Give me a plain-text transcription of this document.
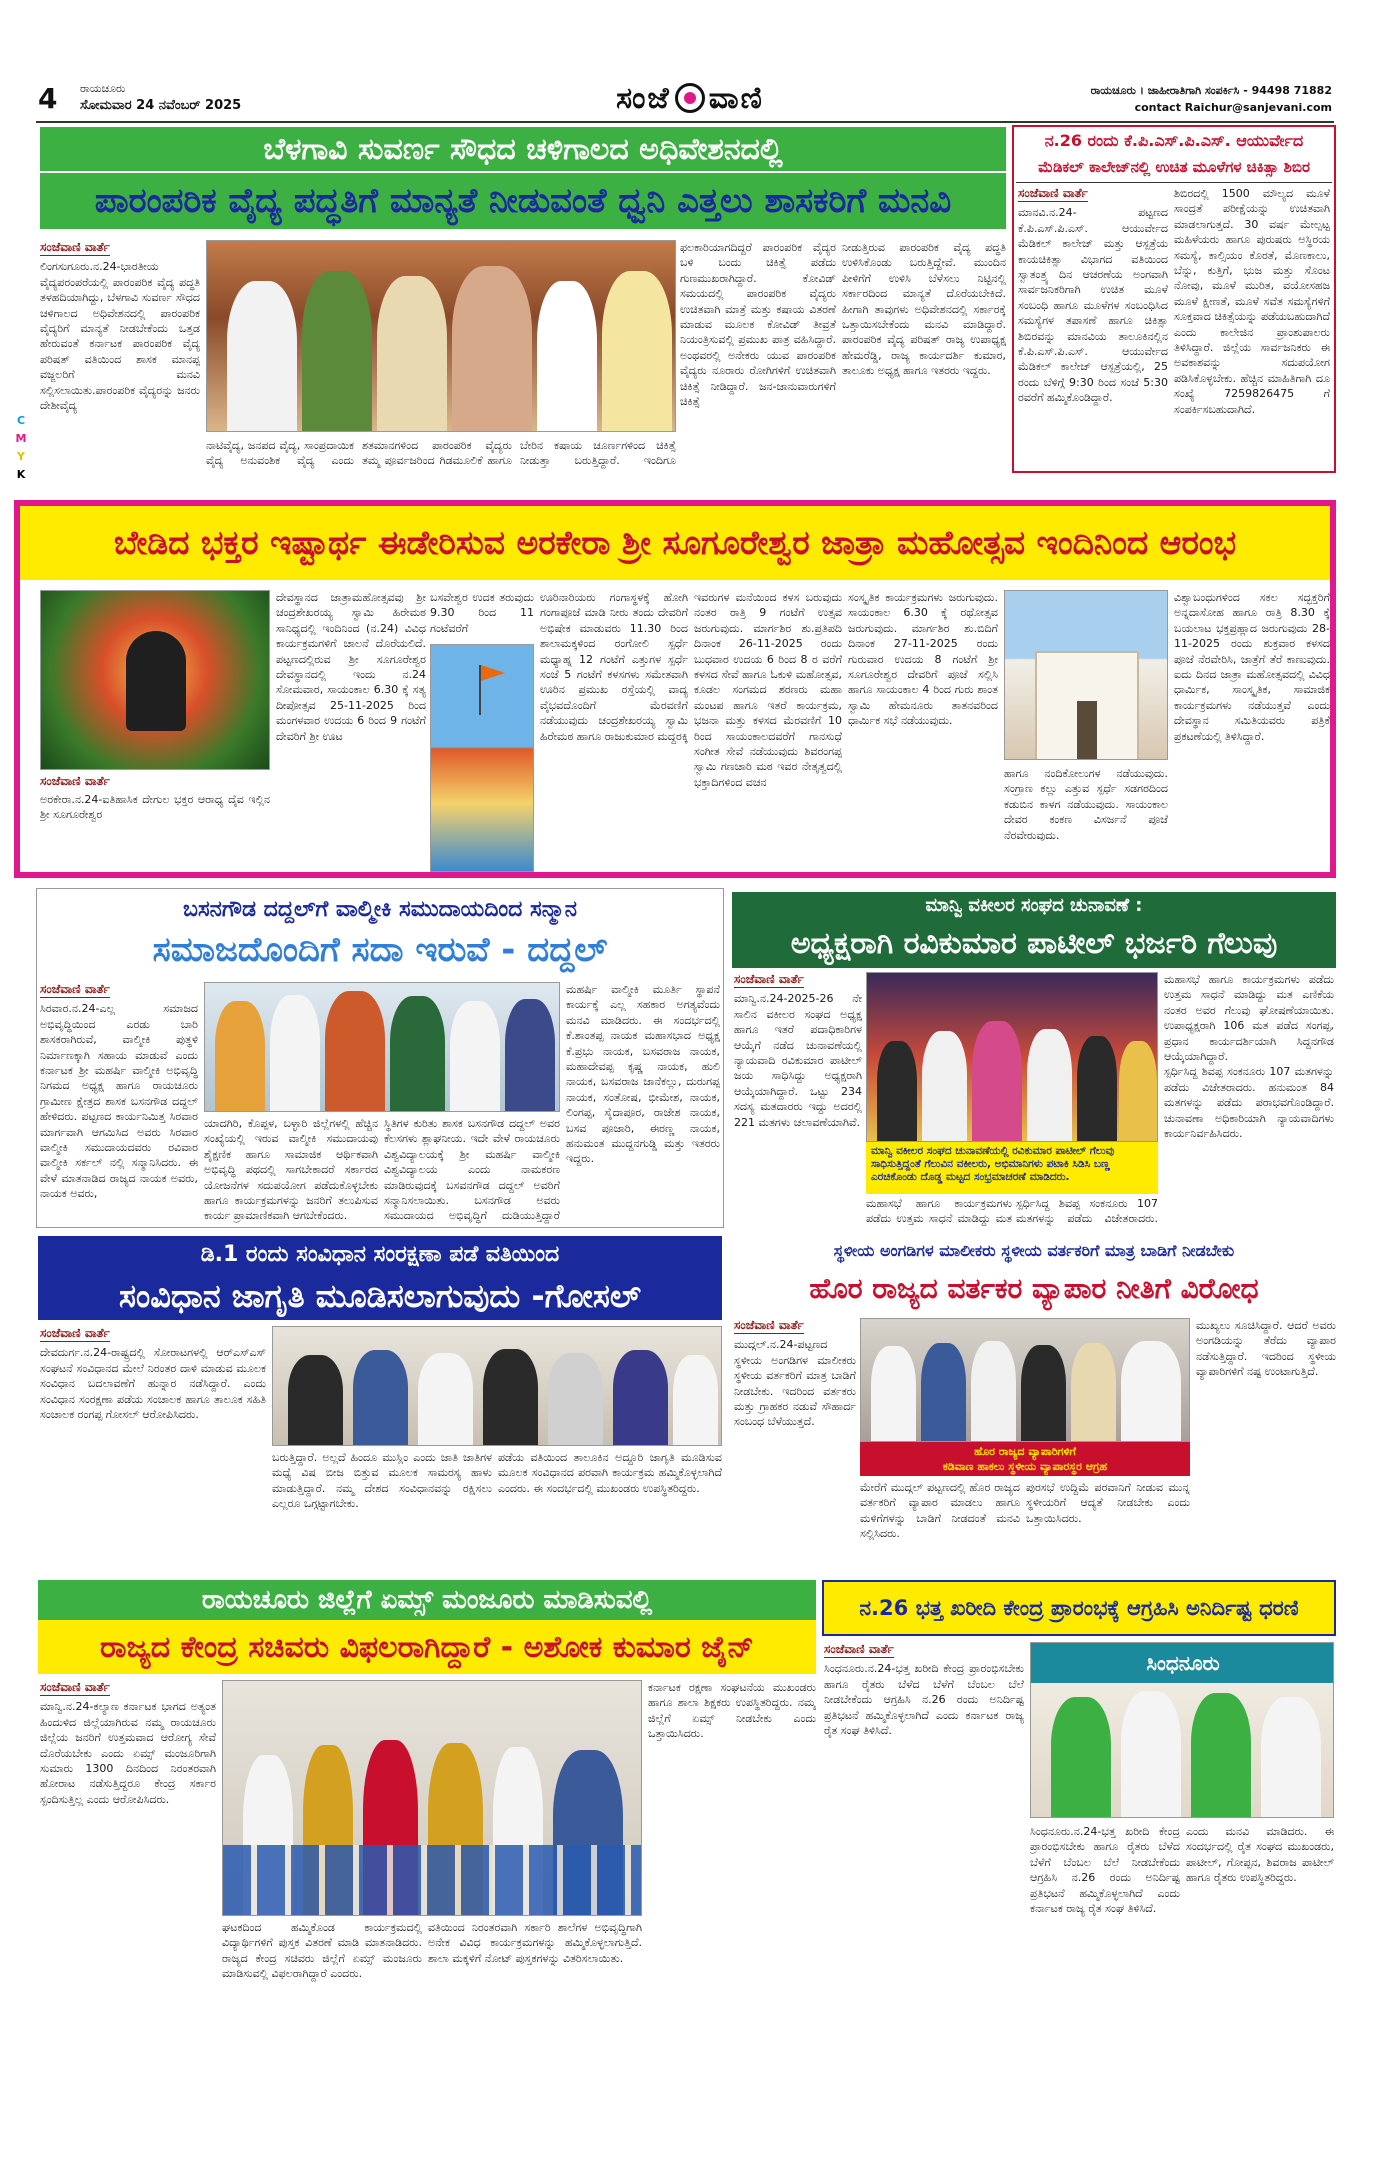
4 ರಾಯಚೂರು
ಸೋಮವಾರ 24 ನವೆಂಬರ್ 2025	ಸಂಜೆ ವಾಣಿ	ರಾಯಚೂರು । ಜಾಹೀರಾತಿಗಾಗಿ ಸಂಪರ್ಕಿಸಿ - 94498 71882
contact Raichur@sanjevani.com
C
M
Y
K
ಬೆಳಗಾವಿ ಸುವರ್ಣ ಸೌಧದ ಚಳಿಗಾಲದ ಅಧಿವೇಶನದಲ್ಲಿ
ಪಾರಂಪರಿಕ ವೈದ್ಯ ಪದ್ಧತಿಗೆ ಮಾನ್ಯತೆ ನೀಡುವಂತೆ ಧ್ವನಿ ಎತ್ತಲು ಶಾಸಕರಿಗೆ ಮನವಿ
ಸಂಜೆವಾಣಿ ವಾರ್ತೆ

ಲಿಂಗಸುಗೂರು.ನ.24-ಭಾರತೀಯ ವೈದ್ಯಪರಂಪರೆಯಲ್ಲಿ ಪಾರಂಪರಿಕ ವೈದ್ಯ ಪದ್ಧತಿ ತಳಹದಿಯಾಗಿದ್ದು, ಬೆಳಗಾವಿ ಸುವರ್ಣ ಸೌಧದ ಚಳಿಗಾಲದ ಅಧಿವೇಶನದಲ್ಲಿ ಪಾರಂಪರಿಕ ವೈದ್ಯರಿಗೆ ಮಾನ್ಯತೆ ನೀಡಬೇಕೆಂದು ಒತ್ತಡ ಹೇರುವಂತೆ ಕರ್ನಾಟಕ ಪಾರಂಪರಿಕ ವೈದ್ಯ ಪರಿಷತ್ ವತಿಯಿಂದ ಶಾಸಕ ಮಾನಪ್ಪ ವಜ್ಜಲರಿಗೆ ಮನವಿ ಸಲ್ಲಿಸಲಾಯಿತು.ಪಾರಂಪರಿಕ ವೈದ್ಯರನ್ನು ಜನರು ದೇಶೀವೈದ್ಯ

ನಾಟಿವೈದ್ಯ, ಜನಪದ ವೈದ್ಯ, ಸಾಂಪ್ರದಾಯಿಕ ವೈದ್ಯ ಅನುವಂಶಿಕ ವೈದ್ಯ ಎಂದು

ಶತಮಾನಗಳಿಂದ ಪಾರಂಪರಿಕ ವೈದ್ಯರು ತಮ್ಮ ಪೂರ್ವಜರಿಂದ ಗಿಡಮೂಲಿಕೆ ಹಾಗೂ

ಬೇರಿನ ಕಷಾಯ ಚೂರ್ಣಗಳಿಂದ ಚಿಕಿತ್ಸೆ ನೀಡುತ್ತಾ ಬರುತ್ತಿದ್ದಾರೆ. ಇಂದಿಗೂ

ಫಲಕಾರಿಯಾಗದಿದ್ದರೆ ಪಾರಂಪರಿಕ ವೈದ್ಯರ ಬಳಿ ಬಂದು ಚಿಕಿತ್ಸೆ ಪಡೆದು ಗುಣಮುಖರಾಗಿದ್ದಾರೆ. ಕೋವಿಡ್ ಸಮಯದಲ್ಲಿ ಪಾರಂಪರಿಕ ವೈದ್ಯರು ಉಚಿತವಾಗಿ ಮಾತ್ರೆ ಮತ್ತು ಕಷಾಯ ವಿತರಣೆ ಮಾಡುವ ಮೂಲಕ ಕೋವಿಡ್ ತೀವ್ರತೆ ನಿಯಂತ್ರಿಸುವಲ್ಲಿ ಪ್ರಮುಖ ಪಾತ್ರ ವಹಿಸಿದ್ದಾರೆ. ಅಂಥವರಲ್ಲಿ ಅನೇಕರು ಯುವ ಪಾರಂಪರಿಕ ವೈದ್ಯರು ನೂರಾರು ರೋಗಿಗಳಿಗೆ ಉಚಿತವಾಗಿ ಚಿಕಿತ್ಸೆ ನೀಡಿದ್ದಾರೆ. ಜನ-ಜಾನುವಾರುಗಳಿಗೆ ಚಿಕಿತ್ಸೆ

ನೀಡುತ್ತಿರುವ ಪಾರಂಪರಿಕ ವೈದ್ಯ ಪದ್ಧತಿ ಉಳಿಸಿಕೊಂಡು ಬರುತ್ತಿದ್ದೇವೆ. ಮುಂದಿನ ಪೀಳಿಗೆಗೆ ಉಳಿಸಿ ಬೆಳೆಸಲು ನಿಟ್ಟಿನಲ್ಲಿ ಸರ್ಕಾರದಿಂದ ಮಾನ್ಯತೆ ದೊರೆಯಬೇಕಿದೆ. ಹೀಗಾಗಿ ತಾವುಗಳು ಅಧಿವೇಶನದಲ್ಲಿ ಸರ್ಕಾರಕ್ಕೆ ಒತ್ತಾಯಿಸಬೇಕೆಂದು ಮನವಿ ಮಾಡಿದ್ದಾರೆ. ಪಾರಂಪರಿಕ ವೈದ್ಯ ಪರಿಷತ್ ರಾಜ್ಯ ಉಪಾಧ್ಯಕ್ಷ ಹೇಮರೆಡ್ಡಿ, ರಾಜ್ಯ ಕಾರ್ಯದರ್ಶಿ ಕುಮಾರ, ತಾಲೂಕು ಅಧ್ಯಕ್ಷ ಹಾಗೂ ಇತರರು ಇದ್ದರು.

ನ.26 ರಂದು ಕೆ.ಪಿ.ಎಸ್.ಪಿ.ಎಸ್. ಆಯುರ್ವೇದ
ಮೆಡಿಕಲ್ ಕಾಲೇಜ್‌ನಲ್ಲಿ ಉಚಿತ ಮೂಳೆಗಳ ಚಿಕಿತ್ಸಾ ಶಿಬಿರ
ಸಂಜೆವಾಣಿ ವಾರ್ತೆ

ಮಾನವಿ.ನ.24- ಪಟ್ಟಣದ ಕೆ.ಪಿ.ಎಸ್.ಪಿ.ಎಸ್. ಆಯುರ್ವೇದ ಮೆಡಿಕಲ್ ಕಾಲೇಜ್ ಮತ್ತು ಆಸ್ಪತ್ರೆಯ ಕಾಯಚಿಕಿತ್ಸಾ ವಿಭಾಗದ ವತಿಯಿಂದ ಸ್ವಾತಂತ್ರ್ಯ ದಿನ ಆಚರಣೆಯ ಅಂಗವಾಗಿ ಸಾರ್ವಜನಿಕರಿಗಾಗಿ ಉಚಿತ ಮೂಳೆ ಸಂಬಂಧಿ ಹಾಗೂ ಮೂಳೆಗಳ ಸಂಬಂಧಿಸಿದ ಸಮಸ್ಯೆಗಳ ತಪಾಸಣೆ ಹಾಗೂ ಚಿಕಿತ್ಸಾ ಶಿಬಿರವನ್ನು ಮಾನವಿಯ ತಾಲೂಕಿನಲ್ಲಿನ ಕೆ.ಪಿ.ಎಸ್.ಪಿ.ಎಸ್. ಆಯುರ್ವೇದ ಮೆಡಿಕಲ್ ಕಾಲೇಜ್ ಆಸ್ಪತ್ರೆಯಲ್ಲಿ, 25 ರಂದು ಬೆಳಿಗ್ಗೆ 9:30 ರಿಂದ ಸಂಜೆ 5:30 ರವರೆಗೆ ಹಮ್ಮಿಕೊಂಡಿದ್ದಾರೆ.

ಶಿಬಿರದಲ್ಲಿ 1500 ಮೌಲ್ಯದ ಮೂಳೆ ಸಾಂದ್ರತೆ ಪರೀಕ್ಷೆಯನ್ನು ಉಚಿತವಾಗಿ ಮಾಡಲಾಗುತ್ತದೆ. 30 ವರ್ಷ ಮೇಲ್ಪಟ್ಟ ಮಹಿಳೆಯರು ಹಾಗೂ ಪುರುಷರು ಅಸ್ಥಿರಯ ಸಮಸ್ಯೆ, ಕಾಲ್ಸಿಯಂ ಕೊರತೆ, ಮೊಣಕಾಲು, ಬೆನ್ನು, ಕುತ್ತಿಗೆ, ಭುಜ ಮತ್ತು ಸೊಂಟ ನೋವು, ಮೂಳೆ ಮುರಿತ, ವಯೋಸಹಜ ಮೂಳೆ ಕ್ಷೀಣತೆ, ಮೂಳೆ ಸವೆತ ಸಮಸ್ಯೆಗಳಿಗೆ ಸೂಕ್ತವಾದ ಚಿಕಿತ್ಸೆಯನ್ನು ಪಡೆಯಬಹುದಾಗಿದೆ ಎಂದು ಕಾಲೇಜಿನ ಪ್ರಾಂಶುಪಾಲರು ತಿಳಿಸಿದ್ದಾರೆ. ಜಿಲ್ಲೆಯ ಸಾರ್ವಜನಿಕರು ಈ ಅವಕಾಶವನ್ನು ಸದುಪಯೋಗ ಪಡಿಸಿಕೊಳ್ಳಬೇಕು. ಹೆಚ್ಚಿನ ಮಾಹಿತಿಗಾಗಿ ದೂ ಸಂಖ್ಯೆ 7259826475 ಗೆ ಸಂಪರ್ಕಿಸಬಹುದಾಗಿದೆ.

ಬೇಡಿದ ಭಕ್ತರ ಇಷ್ಟಾರ್ಥ ಈಡೇರಿಸುವ ಅರಕೇರಾ ಶ್ರೀ ಸೂಗೂರೇಶ್ವರ ಜಾತ್ರಾ ಮಹೋತ್ಸವ ಇಂದಿನಿಂದ ಆರಂಭ
ಸಂಜೆವಾಣಿ ವಾರ್ತೆ

ಅರಕೇರಾ.ನ.24-ಐತಿಹಾಸಿಕ ದೇಗುಲ ಭಕ್ತರ ಆರಾಧ್ಯ ದೈವ ಇಲ್ಲಿನ ಶ್ರೀ ಸೂಗೂರೇಶ್ವರ

ದೇವಸ್ಥಾನದ ಜಾತ್ರಾಮಹೋತ್ಸವವು ಶ್ರೀ ಚಂದ್ರಶೇಖರಯ್ಯ ಸ್ವಾಮಿ ಹಿರೇಮಠ ಸಾನಿಧ್ಯದಲ್ಲಿ ಇಂದಿನಿಂದ (ನ.24) ವಿವಿಧ ಕಾರ್ಯಕ್ರಮಗಳಿಗೆ ಚಾಲನೆ ದೊರೆಯಲಿದೆ. ಪಟ್ಟಣದಲ್ಲಿರುವ ಶ್ರೀ ಸೂಗೂರೇಶ್ವರ ದೇವಸ್ಥಾನದಲ್ಲಿ ಇಂದು ನ.24 ಸೋಮವಾರ, ಸಾಯಂಕಾಲ 6.30 ಕ್ಕೆ ಸತ್ಯ ದೀಪೋತ್ಸವ 25-11-2025 ರಿಂದ ಮಂಗಳವಾರ ಉದಯ 6 ರಿಂದ 9 ಗಂಟೆಗೆ ದೇವರಿಗೆ ಶ್ರೀ ಊಟ

ಬಸವೇಶ್ವರ ಉದಕ ತರುವುದು 9.30 ರಿಂದ 11 ಗಂಟೆವರೆಗೆ

ಊರಿನಾರಿಯರು ಗಂಗಾಸ್ಥಳಕ್ಕೆ ಹೋಗಿ ಗಂಗಾಪೂಜೆ ಮಾಡಿ ನೀರು ತಂದು ದೇವರಿಗೆ ಅಭಿಷೇಕ ಮಾಡುವರು 11.30 ರಿಂದ ಶಾಲಾಮಕ್ಕಳಿಂದ ರಂಗೋಲಿ ಸ್ಪರ್ಧೆ ಮಧ್ಯಾಹ್ನ 12 ಗಂಟೆಗೆ ಎತ್ತುಗಳ ಸ್ಪರ್ಧೆ ಸಂಜೆ 5 ಗಂಟೆಗೆ ಕಳಸಗಳು ಸಮೇತವಾಗಿ ಊರಿನ ಪ್ರಮುಖ ರಸ್ತೆಯಲ್ಲಿ ವಾದ್ಯ ವೈಭವದೊಂದಿಗೆ ಮೆರವಣಿಗೆ ನಡೆಯುವುದು ಚಂದ್ರಶೇಖರಯ್ಯ ಸ್ವಾಮಿ ಹಿರೇಮಠ ಹಾಗೂ ರಾಜುಕುಮಾರ ಮದ್ದರಕ್ಕಿ

ಇವರುಗಳ ಮನೆಯಿಂದ ಕಳಸ ಬರುವುದು ನಂತರ ರಾತ್ರಿ 9 ಗಂಟೆಗೆ ಉತ್ಸವ ಜರುಗುವುದು. ಮಾರ್ಗಶಿರ ಶು.ಪ್ರತಿಪದಿ ದಿನಾಂಕ 26-11-2025 ರಂದು ಬುಧವಾರ ಉದಯ 6 ರಿಂದ 8 ರ ವರೆಗೆ ಕಳಸದ ಸೇವೆ ಹಾಗೂ ಓಕುಳಿ ಮಹೋತ್ಸವ, ಕೂಡಲ ಸಂಗಮದ ಶರಣರು ಮಹಾ ಮಂಟಪ ಹಾಗೂ ಇತರೆ ಕಾರ್ಯಕ್ರಮ, ಭಜನಾ ಮತ್ತು ಕಳಸದ ಮೆರವಣಿಗೆ 10 ರಿಂದ ಸಾಯಂಕಾಲದವರೆಗೆ ಗಾನಸುಧೆ ಸಂಗೀತ ಸೇವೆ ನಡೆಯುವುದು ಶಿವರಂಗಪ್ಪ ಸ್ವಾಮಿ ಗಣಚಾರಿ ಮಠ ಇವರ ನೇತೃತ್ವದಲ್ಲಿ ಭಕ್ತಾದಿಗಳಿಂದ ವಚನ

ಸಂಸ್ಕೃತಿಕ ಕಾರ್ಯಕ್ರಮಗಳು ಜರುಗುವುದು. ಸಾಯಂಕಾಲ 6.30 ಕ್ಕೆ ರಥೋತ್ಸವ ಜರುಗುವುದು. ಮಾರ್ಗಶಿರ ಶು.ಬಿದಿಗೆ ದಿನಾಂಕ 27-11-2025 ರಂದು ಗುರುವಾರ ಉದಯ 8 ಗಂಟೆಗೆ ಶ್ರೀ ಸೂಗೂರೇಶ್ವರ ದೇವರಿಗೆ ಪೂಜೆ ಸಲ್ಲಿಸಿ ಹಾಗೂ ಸಾಯಂಕಾಲ 4 ರಿಂದ ಗುರು ಶಾಂತ ಸ್ವಾಮಿ ಹೇಮನೂರು ತಾತನವರಿಂದ ಧಾರ್ಮಿಕ ಸಭೆ ನಡೆಯುವುದು.

ಹಾಗೂ ನಂದಿಕೋಲುಗಳ ನಡೆಯುವುದು. ಸಂಗ್ರಾಣ ಕಲ್ಲು ಎತ್ತುವ ಸ್ಪರ್ಧೆ ಸಡಗರದಿಂದ ಕಡುಬಿನ ಕಾಳಗ ನಡೆಯುವುದು. ಸಾಯಂಕಾಲ ದೇವರ ಕಂಕಣ ವಿಸರ್ಜನೆ ಪೂಜೆ ನೆರವೇರುವುದು.

ವಿಶ್ವಾಬಂಧುಗಳಿಂದ ಸಕಲ ಸದ್ಭಕ್ತರಿಗೆ ಅನ್ನದಾಸೋಹ ಹಾಗೂ ರಾತ್ರಿ 8.30 ಕ್ಕೆ ಬಯಲಾಟ ಭಕ್ತಪ್ರಹ್ಲಾದ ಜರುಗುವುದು 28-11-2025 ರಂದು ಶುಕ್ರವಾರ ಕಳಸದ ಪೂಜೆ ನೆರವೇರಿಸಿ, ಜಾತ್ರೆಗೆ ತೆರೆ ಕಾಣುವುದು. ಐದು ದಿನದ ಜಾತ್ರಾ ಮಹೋತ್ಸವದಲ್ಲಿ ವಿವಿಧ ಧಾರ್ಮಿಕ, ಸಾಂಸ್ಕೃತಿಕ, ಸಾಮಾಜಿಕ ಕಾರ್ಯಕ್ರಮಗಳು ನಡೆಯುತ್ತವೆ ಎಂದು ದೇವಸ್ಥಾನ ಸಮಿತಿಯವರು ಪತ್ರಿಕೆ ಪ್ರಕಟಣೆಯಲ್ಲಿ ತಿಳಿಸಿದ್ದಾರೆ.

ಬಸನಗೌಡ ದದ್ದಲ್‌ಗೆ ವಾಲ್ಮೀಕಿ ಸಮುದಾಯದಿಂದ ಸನ್ಮಾನ
ಸಮಾಜದೊಂದಿಗೆ ಸದಾ ಇರುವೆ - ದದ್ದಲ್
ಸಂಜೆವಾಣಿ ವಾರ್ತೆ

ಸಿರವಾರ.ನ.24-ಎಲ್ಲ ಸಮಾಜದ ಅಭಿವೃದ್ಧಿಯಿಂದ ಎರಡು ಬಾರಿ ಶಾಸಕರಾಗಿರುವೆ, ವಾಲ್ಮೀಕಿ ಪುತ್ಥಳಿ ನಿರ್ಮಾಣಕ್ಕಾಗಿ ಸಹಾಯ ಮಾಡುವೆ ಎಂದು ಕರ್ನಾಟಕ ಶ್ರೀ ಮಹರ್ಷಿ ವಾಲ್ಮೀಕಿ ಅಭಿವೃದ್ಧಿ ನಿಗಮದ ಅಧ್ಯಕ್ಷ ಹಾಗೂ ರಾಯಚೂರು ಗ್ರಾಮೀಣ ಕ್ಷೇತ್ರದ ಶಾಸಕ ಬಸನಗೌಡ ದದ್ದಲ್ ಹೇಳಿದರು. ಪಟ್ಟಣದ ಕಾರ್ಯನಿಮಿತ್ತ ಸಿರವಾರ ಮಾರ್ಗವಾಗಿ ಆಗಮಿಸಿದ ಅವರು ಸಿರವಾರ ವಾಲ್ಮೀಕಿ ಸಮುದಾಯದವರು ರವಿವಾರ ವಾಲ್ಮೀಕಿ ಸರ್ಕಲ್ ನಲ್ಲಿ ಸನ್ಮಾನಿಸಿದರು. ಈ ವೇಳೆ ಮಾತನಾಡಿದ ರಾಜ್ಯದ ನಾಯಕ ಅವರು, ನಾಯಕ ಅವರು,

ಯಾದಗಿರಿ, ಕೊಪ್ಪಳ, ಬಳ್ಳಾರಿ ಜಿಲ್ಲೆಗಳಲ್ಲಿ ಹೆಚ್ಚಿನ ಸಂಖ್ಯೆಯಲ್ಲಿ ಇರುವ ವಾಲ್ಮೀಕಿ ಸಮುದಾಯವು ಶೈಕ್ಷಣಿಕ ಹಾಗೂ ಸಾಮಾಜಿಕ ಆರ್ಥಿಕವಾಗಿ ಅಭಿವೃದ್ಧಿ ಪಥದಲ್ಲಿ ಸಾಗಬೇಕಾದರೆ ಸರ್ಕಾರದ ಯೋಜನೆಗಳ ಸದುಪಯೋಗ ಪಡೆದುಕೊಳ್ಳಬೇಕು ಹಾಗೂ ಕಾರ್ಯಕ್ರಮಗಳನ್ನು ಜನರಿಗೆ ತಲುಪಿಸುವ ಕಾರ್ಯ ಪ್ರಾಮಾಣಿಕವಾಗಿ ಆಗಬೇಕೆಂದರು.

ಸ್ಥಿತಿಗಳ ಕುರಿತು ಶಾಸಕ ಬಸನಗೌಡ ದದ್ದಲ್ ಅವರ ಕೆಲಸಗಳು ಶ್ಲಾಘನೀಯ. ಇದೇ ವೇಳೆ ರಾಯಚೂರು ವಿಶ್ವವಿದ್ಯಾಲಯಕ್ಕೆ ಶ್ರೀ ಮಹರ್ಷಿ ವಾಲ್ಮೀಕಿ ವಿಶ್ವವಿದ್ಯಾಲಯ ಎಂದು ನಾಮಕರಣ ಮಾಡಿರುವುದಕ್ಕೆ ಬಸವನಗೌಡ ದದ್ದಲ್ ಅವರಿಗೆ ಸನ್ಮಾನಿಸಲಾಯಿತು. ಬಸನಗೌಡ ಅವರು ಸಮುದಾಯದ ಅಭಿವೃದ್ಧಿಗೆ ದುಡಿಯುತ್ತಿದ್ದಾರೆ

ಮಹರ್ಷಿ ವಾಲ್ಮೀಕಿ ಮೂರ್ತಿ ಸ್ಥಾಪನೆ ಕಾರ್ಯಕ್ಕೆ ಎಲ್ಲ ಸಹಕಾರ ಅಗತ್ಯವೆಂದು ಮನವಿ ಮಾಡಿದರು. ಈ ಸಂದರ್ಭದಲ್ಲಿ ಕೆ.ಶಾಂತಪ್ಪ ನಾಯಕ ಮಹಾಸಭಾದ ಅಧ್ಯಕ್ಷ ಕೆ.ಪ್ರಭು ನಾಯಕ, ಬಸವರಾಜ ನಾಯಕ, ಮಹಾದೇವಪ್ಪ ಕೃಷ್ಣ ನಾಯಕ, ಹುಲಿ ನಾಯಕ, ಬಸವರಾಜ ಜಾನೆಕಲ್ಲು, ದುರುಗಪ್ಪ ನಾಯಕ, ಸಂತೋಷ, ಭೀಮೇಶ, ನಾಯಕ, ಲಿಂಗಪ್ಪ, ಸೈದಾಪೂರ, ರಾಜೇಶ ನಾಯಕ, ಬಸವ ಪೂಜಾರಿ, ಈರಣ್ಣ ನಾಯಕ, ಹನುಮಂತ ಮುದ್ದನಗುಡ್ಡಿ ಮತ್ತು ಇತರರು ಇದ್ದರು.

ಮಾನ್ವಿ ವಕೀಲರ ಸಂಘದ ಚುನಾವಣೆ :
ಅಧ್ಯಕ್ಷರಾಗಿ ರವಿಕುಮಾರ ಪಾಟೀಲ್ ಭರ್ಜರಿ ಗೆಲುವು
ಸಂಜೆವಾಣಿ ವಾರ್ತೆ

ಮಾನ್ವಿ.ನ.24-2025-26 ನೇ ಸಾಲಿನ ವಕೀಲರ ಸಂಘದ ಅಧ್ಯಕ್ಷ ಹಾಗೂ ಇತರೆ ಪದಾಧಿಕಾರಿಗಳ ಆಯ್ಕೆಗೆ ನಡೆದ ಚುನಾವಣೆಯಲ್ಲಿ ನ್ಯಾಯವಾದಿ ರವಿಕುಮಾರ ಪಾಟೀಲ್ ಜಯ ಸಾಧಿಸಿದ್ದು ಅಧ್ಯಕ್ಷರಾಗಿ ಆಯ್ಕೆಯಾಗಿದ್ದಾರೆ. ಒಟ್ಟು 234 ಸದಸ್ಯ ಮತದಾರರು ಇದ್ದು ಅದರಲ್ಲಿ 221 ಮತಗಳು ಚಲಾವಣೆಯಾಗಿವೆ.

ಮಾನ್ವಿ ವಕೀಲರ ಸಂಘದ ಚುನಾವಣೆಯಲ್ಲಿ ರವಿಕುಮಾರ ಪಾಟೀಲ್ ಗೆಲುವು ಸಾಧಿಸುತ್ತಿದ್ದಂತೆ ಗೆಲುವಿನ ವಕೀಲರು, ಅಭಿಮಾನಿಗಳು ಪಟಾಕಿ ಸಿಡಿಸಿ ಬಣ್ಣ ಎರಚಿಕೊಂಡು ದೊಡ್ಡ ಮಟ್ಟದ ಸಂಭ್ರಮಾಚರಣೆ ಮಾಡಿದರು.

ಮಹಾಸಭೆ ಹಾಗೂ ಕಾರ್ಯಕ್ರಮಗಳು ಪಡೆದು ಉತ್ತಮ ಸಾಧನೆ ಮಾಡಿದ್ದು ಮತ

ಸ್ಪರ್ಧಿಸಿದ್ದ ಶಿವಪ್ಪ ಸಂಕನೂರು 107 ಮತಗಳನ್ನು ಪಡೆದು ವಿಜೇತರಾದರು.

ಮಹಾಸಭೆ ಹಾಗೂ ಕಾರ್ಯಕ್ರಮಗಳು ಪಡೆದು ಉತ್ತಮ ಸಾಧನೆ ಮಾಡಿದ್ದು ಮತ ಎಣಿಕೆಯ ನಂತರ ಅವರ ಗೆಲುವು ಘೋಷಣೆಯಾಯಿತು. ಉಪಾಧ್ಯಕ್ಷರಾಗಿ 106 ಮತ ಪಡೆದ ಸಂಗಪ್ಪ, ಪ್ರಧಾನ ಕಾರ್ಯದರ್ಶಿಯಾಗಿ ಸಿದ್ದನಗೌಡ ಆಯ್ಕೆಯಾಗಿದ್ದಾರೆ.

ಸ್ಪರ್ಧಿಸಿದ್ದ ಶಿವಪ್ಪ ಸಂಕನೂರು 107 ಮತಗಳನ್ನು ಪಡೆದು ವಿಜೇತರಾದರು. ಹನುಮಂತ 84 ಮತಗಳನ್ನು ಪಡೆದು ಪರಾಭವಗೊಂಡಿದ್ದಾರೆ. ಚುನಾವಣಾ ಅಧಿಕಾರಿಯಾಗಿ ನ್ಯಾಯವಾದಿಗಳು ಕಾರ್ಯನಿರ್ವಹಿಸಿದರು.

ಡಿ.1 ರಂದು ಸಂವಿಧಾನ ಸಂರಕ್ಷಣಾ ಪಡೆ ವತಿಯಿಂದ
ಸಂವಿಧಾನ ಜಾಗೃತಿ ಮೂಡಿಸಲಾಗುವುದು -ಗೋಸಲ್
ಸಂಜೆವಾಣಿ ವಾರ್ತೆ

ದೇವದುರ್ಗ.ನ.24-ರಾಷ್ಟ್ರದಲ್ಲಿ ಸೋರಾಟಗಳಲ್ಲಿ ಆರ್‌ಎಸ್‌ಎಸ್ ಸಂಘಟನೆ ಸಂವಿಧಾನದ ಮೇಲೆ ನಿರಂತರ ದಾಳಿ ಮಾಡುವ ಮೂಲಕ ಸಂವಿಧಾನ ಬದಲಾವಣೆಗೆ ಹುನ್ನಾರ ನಡೆಸಿದ್ದಾರೆ. ಎಂದು ಸಂವಿಧಾನ ಸಂರಕ್ಷಣಾ ಪಡೆಯ ಸಂಚಾಲಕ ಹಾಗೂ ತಾಲೂಕ ಸಹಿತಿ ಸಂಚಾಲಕ ರಂಗಪ್ಪ ಗೋಸಲ್ ಆರೋಪಿಸಿದರು.

ಬರುತ್ತಿದ್ದಾರೆ. ಅಲ್ಲದೆ ಹಿಂದೂ ಮುಸ್ಲಿಂ ಎಂದು ಜಾತಿ ಜಾತಿಗಳ ಮಧ್ಯೆ ವಿಷ ಬೀಜ ಬಿತ್ತುವ ಮೂಲಕ ಸಾಮರಸ್ಯ ಹಾಳು ಮಾಡುತ್ತಿದ್ದಾರೆ. ನಮ್ಮ ದೇಶದ ಸಂವಿಧಾನವನ್ನು ರಕ್ಷಿಸಲು ಎಲ್ಲರೂ ಒಗ್ಗಟ್ಟಾಗಬೇಕು.

ಪಡೆಯ ವತಿಯಿಂದ ತಾಲೂಕಿನ ಅದ್ದೂರಿ ಜಾಗೃತಿ ಮೂಡಿಸುವ ಮೂಲಕ ಸಂವಿಧಾನದ ಪರವಾಗಿ ಕಾರ್ಯಕ್ರಮ ಹಮ್ಮಿಕೊಳ್ಳಲಾಗಿದೆ ಎಂದರು. ಈ ಸಂದರ್ಭದಲ್ಲಿ ಮುಖಂಡರು ಉಪಸ್ಥಿತರಿದ್ದರು.

ಸ್ಥಳೀಯ ಅಂಗಡಿಗಳ ಮಾಲೀಕರು ಸ್ಥಳೀಯ ವರ್ತಕರಿಗೆ ಮಾತ್ರ ಬಾಡಿಗೆ ನೀಡಬೇಕು
ಹೊರ ರಾಜ್ಯದ ವರ್ತಕರ ವ್ಯಾಪಾರ ನೀತಿಗೆ ವಿರೋಧ
ಸಂಜೆವಾಣಿ ವಾರ್ತೆ

ಮುದ್ಗಲ್.ನ.24-ಪಟ್ಟಣದ ಸ್ಥಳೀಯ ಅಂಗಡಿಗಳ ಮಾಲೀಕರು ಸ್ಥಳೀಯ ವರ್ತಕರಿಗೆ ಮಾತ್ರ ಬಾಡಿಗೆ ನೀಡಬೇಕು. ಇದರಿಂದ ವರ್ತಕರು ಮತ್ತು ಗ್ರಾಹಕರ ನಡುವೆ ಸೌಹಾರ್ದ ಸಂಬಂಧ ಬೆಳೆಯುತ್ತದೆ.

ಹೊರ ರಾಜ್ಯದ ವ್ಯಾಪಾರಿಗಳಿಗೆ
ಕಡಿವಾಣ ಹಾಕಲು ಸ್ಥಳೀಯ ವ್ಯಾಪಾರಸ್ಥರ ಆಗ್ರಹ

ಮುಖ್ಯಲು ಸೂಚಿಸಿದ್ದಾರೆ. ಆದರೆ ಅವರು ಅಂಗಡಿಯನ್ನು ತೆರೆದು ವ್ಯಾಪಾರ ನಡೆಸುತ್ತಿದ್ದಾರೆ. ಇದರಿಂದ ಸ್ಥಳೀಯ ವ್ಯಾಪಾರಿಗಳಿಗೆ ನಷ್ಟ ಉಂಟಾಗುತ್ತಿದೆ.

ಮೇರೆಗೆ ಮುದ್ಗಲ್ ಪಟ್ಟಣದಲ್ಲಿ ಹೊರ ರಾಜ್ಯದ ವರ್ತಕರಿಗೆ ವ್ಯಾಪಾರ ಮಾಡಲು ಹಾಗೂ ಮಳಿಗೆಗಳನ್ನು ಬಾಡಿಗೆ ನೀಡದಂತೆ ಮನವಿ ಸಲ್ಲಿಸಿದರು.

ಪುರಸಭೆ ಉದ್ದಿಮೆ ಪರವಾನಿಗೆ ನೀಡುವ ಮುನ್ನ ಸ್ಥಳೀಯರಿಗೆ ಆದ್ಯತೆ ನೀಡಬೇಕು ಎಂದು ಒತ್ತಾಯಿಸಿದರು.

ರಾಯಚೂರು ಜಿಲ್ಲೆಗೆ ಏಮ್ಸ್ ಮಂಜೂರು ಮಾಡಿಸುವಲ್ಲಿ
ರಾಜ್ಯದ ಕೇಂದ್ರ ಸಚಿವರು ವಿಫಲರಾಗಿದ್ದಾರೆ - ಅಶೋಕ ಕುಮಾರ ಜೈನ್
ಸಂಜೆವಾಣಿ ವಾರ್ತೆ

ಮಾನ್ವಿ.ನ.24-ಕಲ್ಯಾಣ ಕರ್ನಾಟಕ ಭಾಗದ ಅತ್ಯಂತ ಹಿಂದುಳಿದ ಜಿಲ್ಲೆಯಾಗಿರುವ ನಮ್ಮ ರಾಯಚೂರು ಜಿಲ್ಲೆಯ ಜನರಿಗೆ ಉತ್ತಮವಾದ ಆರೋಗ್ಯ ಸೇವೆ ದೊರೆಯಬೇಕು ಎಂದು ಏಮ್ಸ್ ಮಂಜೂರಿಗಾಗಿ ಸುಮಾರು 1300 ದಿನದಿಂದ ನಿರಂತರವಾಗಿ ಹೋರಾಟ ನಡೆಸುತ್ತಿದ್ದರೂ ಕೇಂದ್ರ ಸರ್ಕಾರ ಸ್ಪಂದಿಸುತ್ತಿಲ್ಲ ಎಂದು ಆರೋಪಿಸಿದರು.

ಘಟಕದಿಂದ ಹಮ್ಮಿಕೊಂಡ ಕಾರ್ಯಕ್ರಮದಲ್ಲಿ ವಿದ್ಯಾರ್ಥಿಗಳಿಗೆ ಪುಸ್ತಕ ವಿತರಣೆ ಮಾಡಿ ಮಾತನಾಡಿದರು. ರಾಜ್ಯದ ಕೇಂದ್ರ ಸಚಿವರು ಜಿಲ್ಲೆಗೆ ಏಮ್ಸ್ ಮಂಜೂರು ಮಾಡಿಸುವಲ್ಲಿ ವಿಫಲರಾಗಿದ್ದಾರೆ ಎಂದರು.

ವತಿಯಿಂದ ನಿರಂತರವಾಗಿ ಸರ್ಕಾರಿ ಶಾಲೆಗಳ ಅಭಿವೃದ್ಧಿಗಾಗಿ ಅನೇಕ ವಿವಿಧ ಕಾರ್ಯಕ್ರಮಗಳನ್ನು ಹಮ್ಮಿಕೊಳ್ಳಲಾಗುತ್ತಿದೆ. ಶಾಲಾ ಮಕ್ಕಳಿಗೆ ನೋಟ್ ಪುಸ್ತಕಗಳನ್ನು ವಿತರಿಸಲಾಯಿತು.

ಕರ್ನಾಟಕ ರಕ್ಷಣಾ ಸಂಘಟನೆಯ ಮುಖಂಡರು ಹಾಗೂ ಶಾಲಾ ಶಿಕ್ಷಕರು ಉಪಸ್ಥಿತರಿದ್ದರು. ನಮ್ಮ ಜಿಲ್ಲೆಗೆ ಏಮ್ಸ್ ನೀಡಬೇಕು ಎಂದು ಒತ್ತಾಯಿಸಿದರು.

ನ.26 ಭತ್ತ ಖರೀದಿ ಕೇಂದ್ರ ಪ್ರಾರಂಭಕ್ಕೆ ಆಗ್ರಹಿಸಿ ಅನಿರ್ದಿಷ್ಟ ಧರಣಿ
ಸಂಜೆವಾಣಿ ವಾರ್ತೆ

ಸಿಂಧನೂರು.ನ.24-ಭತ್ತ ಖರೀದಿ ಕೇಂದ್ರ ಪ್ರಾರಂಭಿಸಬೇಕು ಹಾಗೂ ರೈತರು ಬೆಳೆದ ಬೆಳೆಗೆ ಬೆಂಬಲ ಬೆಲೆ ನೀಡಬೇಕೆಂದು ಆಗ್ರಹಿಸಿ ನ.26 ರಂದು ಅನಿರ್ದಿಷ್ಟ ಪ್ರತಿಭಟನೆ ಹಮ್ಮಿಕೊಳ್ಳಲಾಗಿದೆ ಎಂದು ಕರ್ನಾಟಕ ರಾಜ್ಯ ರೈತ ಸಂಘ ತಿಳಿಸಿದೆ.

ಸಿಂಧನೂರು

ಸಿಂಧನೂರು.ನ.24-ಭತ್ತ ಖರೀದಿ ಕೇಂದ್ರ ಪ್ರಾರಂಭಿಸಬೇಕು ಹಾಗೂ ರೈತರು ಬೆಳೆದ ಬೆಳೆಗೆ ಬೆಂಬಲ ಬೆಲೆ ನೀಡಬೇಕೆಂದು ಆಗ್ರಹಿಸಿ ನ.26 ರಂದು ಅನಿರ್ದಿಷ್ಟ ಪ್ರತಿಭಟನೆ ಹಮ್ಮಿಕೊಳ್ಳಲಾಗಿದೆ ಎಂದು ಕರ್ನಾಟಕ ರಾಜ್ಯ ರೈತ ಸಂಘ ತಿಳಿಸಿದೆ.

ಎಂದು ಮನವಿ ಮಾಡಿದರು. ಈ ಸಂದರ್ಭದಲ್ಲಿ ರೈತ ಸಂಘದ ಮುಖಂಡರು, ಪಾಟೀಲ್, ಗೋಪ್ಪನ, ಶಿವರಾಜ ಪಾಟೀಲ್ ಹಾಗೂ ರೈತರು ಉಪಸ್ಥಿತರಿದ್ದರು.
